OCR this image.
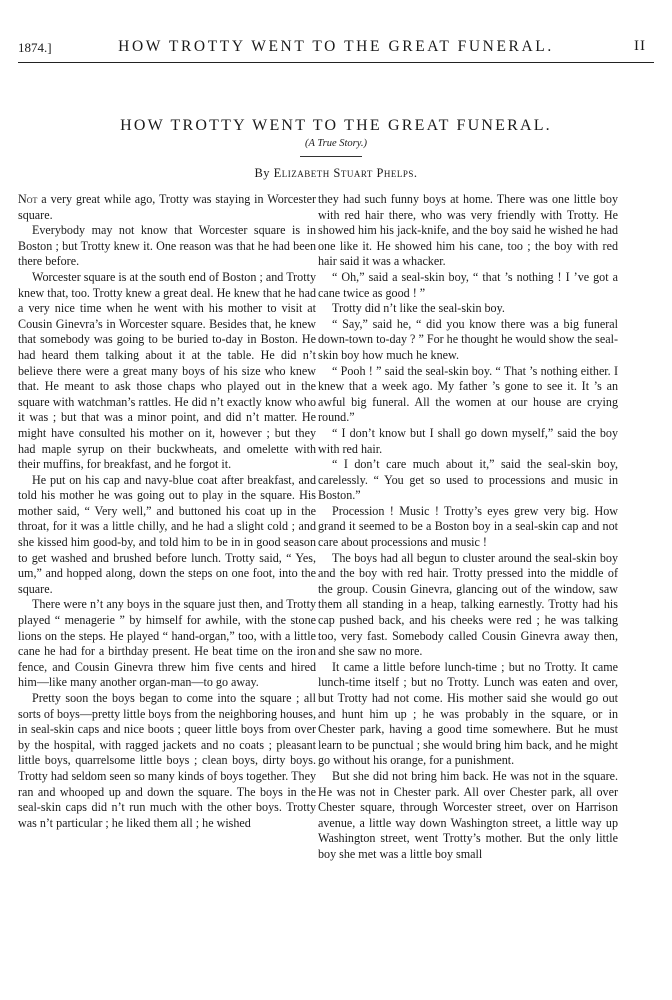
1874.]	HOW TROTTY WENT TO THE GREAT FUNERAL.	II
HOW TROTTY WENT TO THE GREAT FUNERAL.
(A True Story.)
By Elizabeth Stuart Phelps.

Not a very great while ago, Trotty was staying in Worcester square.

Everybody may not know that Worcester square is in Boston ; but Trotty knew it. One reason was that he had been there before.

Worcester square is at the south end of Boston ; and Trotty knew that, too. Trotty knew a great deal. He knew that he had a very nice time when he went with his mother to visit at Cousin Ginevra’s in Worcester square. Besides that, he knew that somebody was going to be buried to-day in Boston. He had heard them talking about it at the table. He did n’t believe there were a great many boys of his size who knew that. He meant to ask those chaps who played out in the square with watchman’s rattles. He did n’t exactly know who it was ; but that was a minor point, and did n’t matter. He might have consulted his mother on it, however ; but they had maple syrup on their buckwheats, and omelette with their muffins, for breakfast, and he forgot it.

He put on his cap and navy-blue coat after breakfast, and told his mother he was going out to play in the square. His mother said, “ Very well,” and buttoned his coat up in the throat, for it was a little chilly, and he had a slight cold ; and she kissed him good-by, and told him to be in in good season to get washed and brushed before lunch. Trotty said, “ Yes, um,” and hopped along, down the steps on one foot, into the square.

There were n’t any boys in the square just then, and Trotty played “ menagerie ” by himself for awhile, with the stone lions on the steps. He played “ hand-organ,” too, with a little cane he had for a birthday present. He beat time on the iron fence, and Cousin Ginevra threw him five cents and hired him—like many another organ-man—to go away.

Pretty soon the boys began to come into the square ; all sorts of boys—pretty little boys from the neighboring houses, in seal-skin caps and nice boots ; queer little boys from over by the hospital, with ragged jackets and no coats ; pleasant little boys, quarrelsome little boys ; clean boys, dirty boys. Trotty had seldom seen so many kinds of boys together. They ran and whooped up and down the square. The boys in the seal-skin caps did n’t run much with the other boys. Trotty was n’t particular ; he liked them all ; he wished

they had such funny boys at home. There was one little boy with red hair there, who was very friendly with Trotty. He showed him his jack-knife, and the boy said he wished he had one like it. He showed him his cane, too ; the boy with red hair said it was a whacker.

“ Oh,” said a seal-skin boy, “ that ’s nothing ! I ’ve got a cane twice as good ! ”

Trotty did n’t like the seal-skin boy.

“ Say,” said he, “ did you know there was a big funeral down-town to-day ? ” For he thought he would show the seal-skin boy how much he knew.

“ Pooh ! ” said the seal-skin boy. “ That ’s nothing either. I knew that a week ago. My father ’s gone to see it. It ’s an awful big funeral. All the women at our house are crying round.”

“ I don’t know but I shall go down myself,” said the boy with red hair.

“ I don’t care much about it,” said the seal-skin boy, carelessly. “ You get so used to processions and music in Boston.”

Procession ! Music ! Trotty’s eyes grew very big. How grand it seemed to be a Boston boy in a seal-skin cap and not care about processions and music !

The boys had all begun to cluster around the seal-skin boy and the boy with red hair. Trotty pressed into the middle of the group. Cousin Ginevra, glancing out of the window, saw them all standing in a heap, talking earnestly. Trotty had his cap pushed back, and his cheeks were red ; he was talking too, very fast. Somebody called Cousin Ginevra away then, and she saw no more.

It came a little before lunch-time ; but no Trotty. It came lunch-time itself ; but no Trotty. Lunch was eaten and over, but Trotty had not come. His mother said she would go out and hunt him up ; he was probably in the square, or in Chester park, having a good time somewhere. But he must learn to be punctual ; she would bring him back, and he might go without his orange, for a punishment.

But she did not bring him back. He was not in the square. He was not in Chester park. All over Chester park, all over Chester square, through Worcester street, over on Harrison avenue, a little way down Washington street, a little way up Washington street, went Trotty’s mother. But the only little boy she met was a little boy small
